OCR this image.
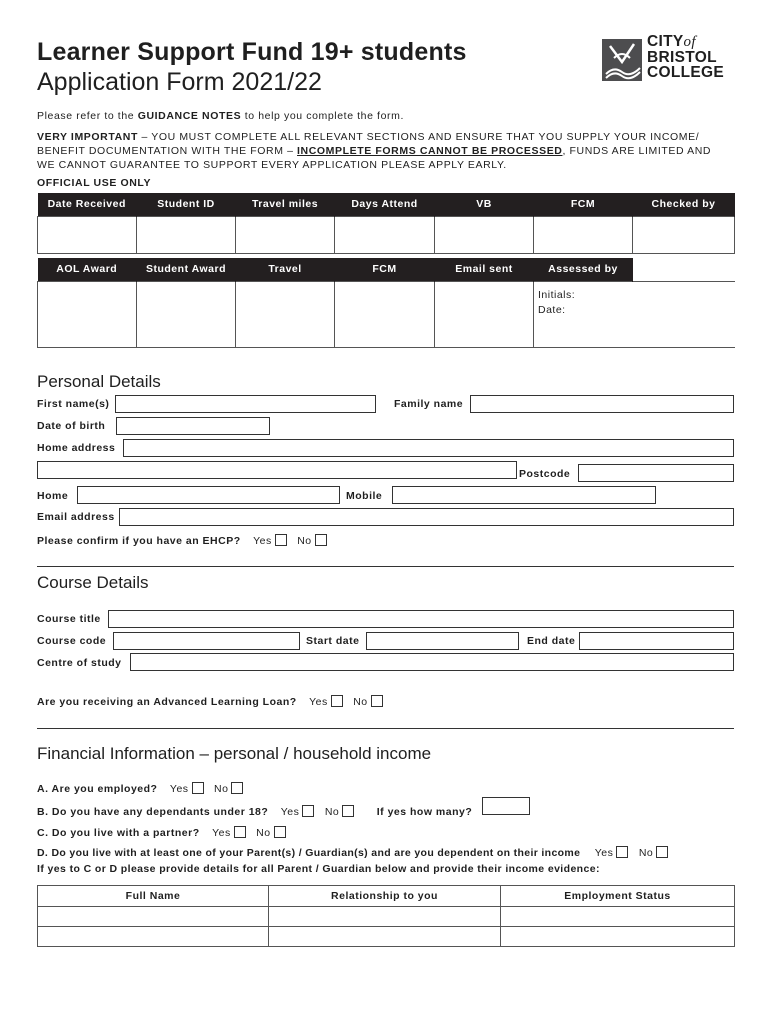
Learner Support Fund 19+ students
Application Form 2021/22
CITYof
BRISTOL
COLLEGE
Please refer to the GUIDANCE NOTES to help you complete the form.
VERY IMPORTANT – YOU MUST COMPLETE ALL RELEVANT SECTIONS AND ENSURE THAT YOU SUPPLY YOUR INCOME/
BENEFIT DOCUMENTATION WITH THE FORM – INCOMPLETE FORMS CANNOT BE PROCESSED, FUNDS ARE LIMITED AND
WE CANNOT GUARANTEE TO SUPPORT EVERY APPLICATION PLEASE APPLY EARLY.
OFFICIAL USE ONLY
Date Received	Student ID	Travel miles	Days Attend	VB	FCM	Checked by

AOL Award	Student Award	Travel	FCM	Email sent	Assessed by	

					Initials:
Date:	
Personal Details
First name(s)	Family name
Date of birth
Home address
Postcode
Home	Mobile
Email address
Please confirm if you have an EHCP? Yes No
Course Details
Course title
Course code	Start date	End date
Centre of study
Are you receiving an Advanced Learning Loan? Yes No
Financial Information – personal / household income
A. Are you employed? Yes No
B. Do you have any dependants under 18? Yes No	If yes how many?
C. Do you live with a partner? Yes No
D. Do you live with at least one of your Parent(s) / Guardian(s) and are you dependent on their income Yes No
If yes to C or D please provide details for all Parent / Guardian below and provide their income evidence:
Full Name	Relationship to you	Employment Status
